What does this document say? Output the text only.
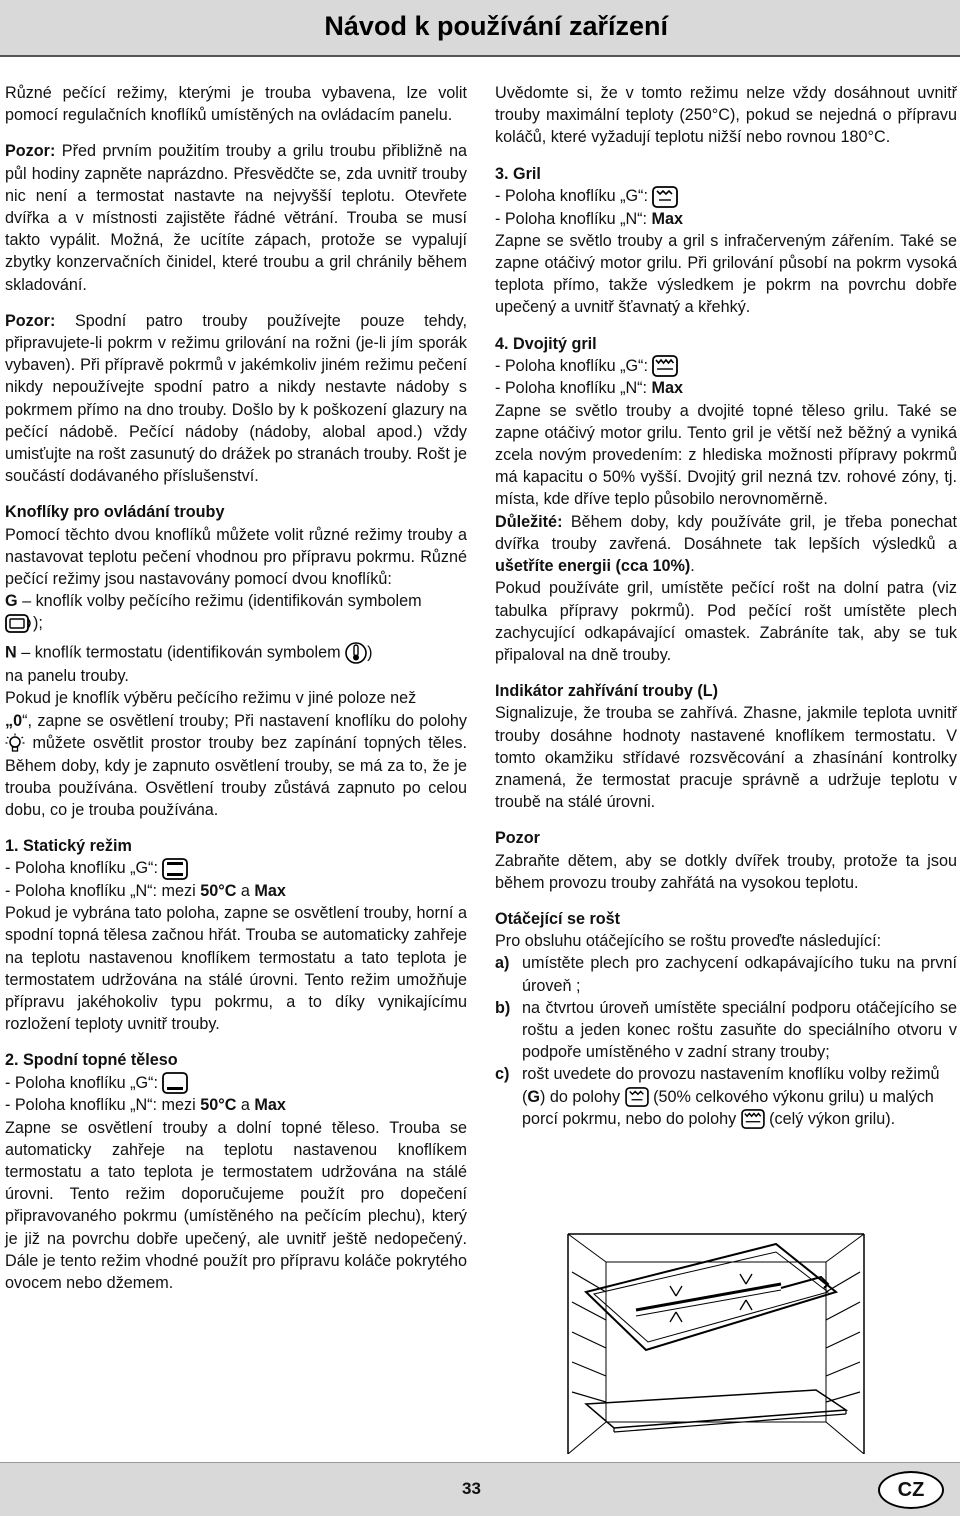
Návod k používání zařízení

Různé pečící režimy, kterými je trouba vybavena, lze volit pomocí regulačních knoflíků umístěných na ovládacím panelu.

Pozor: Před prvním použitím trouby a grilu troubu přibližně na půl hodiny zapněte naprázdno. Přesvědčte se, zda uvnitř trouby nic není a termostat nastavte na nejvyšší teplotu. Otevřete dvířka a v místnosti zajistěte řádné větrání. Trouba se musí takto vypálit. Možná, že ucítíte zápach, protože se vypalují zbytky konzervačních činidel, které troubu a gril chránily během skladování.

Pozor: Spodní patro trouby používejte pouze tehdy, připravujete-li pokrm v režimu grilování na rožni (je-li jím sporák vybaven). Při přípravě pokrmů v jakémkoliv jiném režimu pečení nikdy nepoužívejte spodní patro a nikdy nestavte nádoby s pokrmem přímo na dno trouby. Došlo by k poškození glazury na pečící nádobě. Pečící nádoby (nádoby, alobal apod.) vždy umisťujte na rošt zasunutý do drážek po stranách trouby. Rošt je součástí dodávaného příslušenství.

Knoflíky pro ovládání trouby

Pomocí těchto dvou knoflíků můžete volit různé režimy trouby a nastavovat teplotu pečení vhodnou pro přípravu pokrmu. Různé pečící režimy jsou nastavovány pomocí dvou knoflíků:

G – knoflík volby pečícího režimu (identifikován symbolem
);

N – knoflík termostatu (identifikován symbolem )

na panelu trouby.

Pokud je knoflík výběru pečícího režimu v jiné poloze než
„0“, zapne se osvětlení trouby; Při nastavení knoflíku do polohy  můžete osvětlit prostor trouby bez zapínání topných těles. Během doby, kdy je zapnuto osvětlení trouby, se má za to, že je trouba používána. Osvětlení trouby zůstává zapnuto po celou dobu, co je trouba používána.

1. Statický režim

- Poloha knoflíku „G“:

- Poloha knoflíku „N“: mezi 50°C a Max

Pokud je vybrána tato poloha, zapne se osvětlení trouby, horní a spodní topná tělesa začnou hřát. Trouba se automaticky zahřeje na teplotu nastavenou knoflíkem termostatu a tato teplota je termostatem udržována na stálé úrovni. Tento režim umožňuje přípravu jakéhokoliv typu pokrmu, a to díky vynikajícímu rozložení teploty uvnitř trouby.

2. Spodní topné těleso

- Poloha knoflíku „G“:

- Poloha knoflíku „N“: mezi 50°C a Max

Zapne se osvětlení trouby a dolní topné těleso. Trouba se automaticky zahřeje na teplotu nastavenou knoflíkem termostatu a tato teplota je termostatem udržována na stálé úrovni. Tento režim doporučujeme použít pro dopečení připravovaného pokrmu (umístěného na pečícím plechu), který je již na povrchu dobře upečený, ale uvnitř ještě nedopečený. Dále je tento režim vhodné použít pro přípravu koláče pokrytého ovocem nebo džemem.

Uvědomte si, že v tomto režimu nelze vždy dosáhnout uvnitř trouby maximální teploty (250°C), pokud se nejedná o přípravu koláčů, které vyžadují teplotu nižší nebo rovnou 180°C.

3. Gril

- Poloha knoflíku „G“:

- Poloha knoflíku „N“: Max

Zapne se světlo trouby a gril s infračerveným zářením. Také se zapne otáčivý motor grilu. Při grilování působí na pokrm vysoká teplota přímo, takže výsledkem je pokrm na povrchu dobře upečený a uvnitř šťavnatý a křehký.

4. Dvojitý gril

- Poloha knoflíku „G“:

- Poloha knoflíku „N“: Max

Zapne se světlo trouby a dvojité topné těleso grilu. Také se zapne otáčivý motor grilu. Tento gril je větší než běžný a vyniká zcela novým provedením: z hlediska možnosti přípravy pokrmů má kapacitu o 50% vyšší. Dvojitý gril nezná tzv. rohové zóny, tj. místa, kde dříve teplo působilo nerovnoměrně.

Důležité: Během doby, kdy používáte gril, je třeba ponechat dvířka trouby zavřená. Dosáhnete tak lepších výsledků a ušetříte energii (cca 10%).

Pokud používáte gril, umístěte pečící rošt na dolní patra (viz tabulka přípravy pokrmů). Pod pečící rošt umístěte plech zachycující odkapávající omastek. Zabráníte tak, aby se tuk připaloval na dně trouby.

Indikátor zahřívání trouby (L)

Signalizuje, že trouba se zahřívá. Zhasne, jakmile teplota uvnitř trouby dosáhne hodnoty nastavené knoflíkem termostatu. V tomto okamžiku střídavé rozsvěcování a zhasínání kontrolky znamená, že termostat pracuje správně a udržuje teplotu v troubě na stálé úrovni.

Pozor

Zabraňte dětem, aby se dotkly dvířek trouby, protože ta jsou během provozu trouby zahřátá na vysokou teplotu.

Otáčející se rošt

Pro obsluhu otáčejícího se roštu proveďte následující:

a) umístěte plech pro zachycení odkapávajícího tuku na první úroveň ;
b) na čtvrtou úroveň umístěte speciální podporu otáčejícího se roštu a jeden konec roštu zasuňte do speciálního otvoru v podpoře umístěného v zadní strany trouby;
c) rošt uvedete do provozu nastavením knoflíku volby režimů (G) do polohy  (50% celkového výkonu grilu) u malých porcí pokrmu, nebo do polohy  (celý výkon grilu).
33	CZ
